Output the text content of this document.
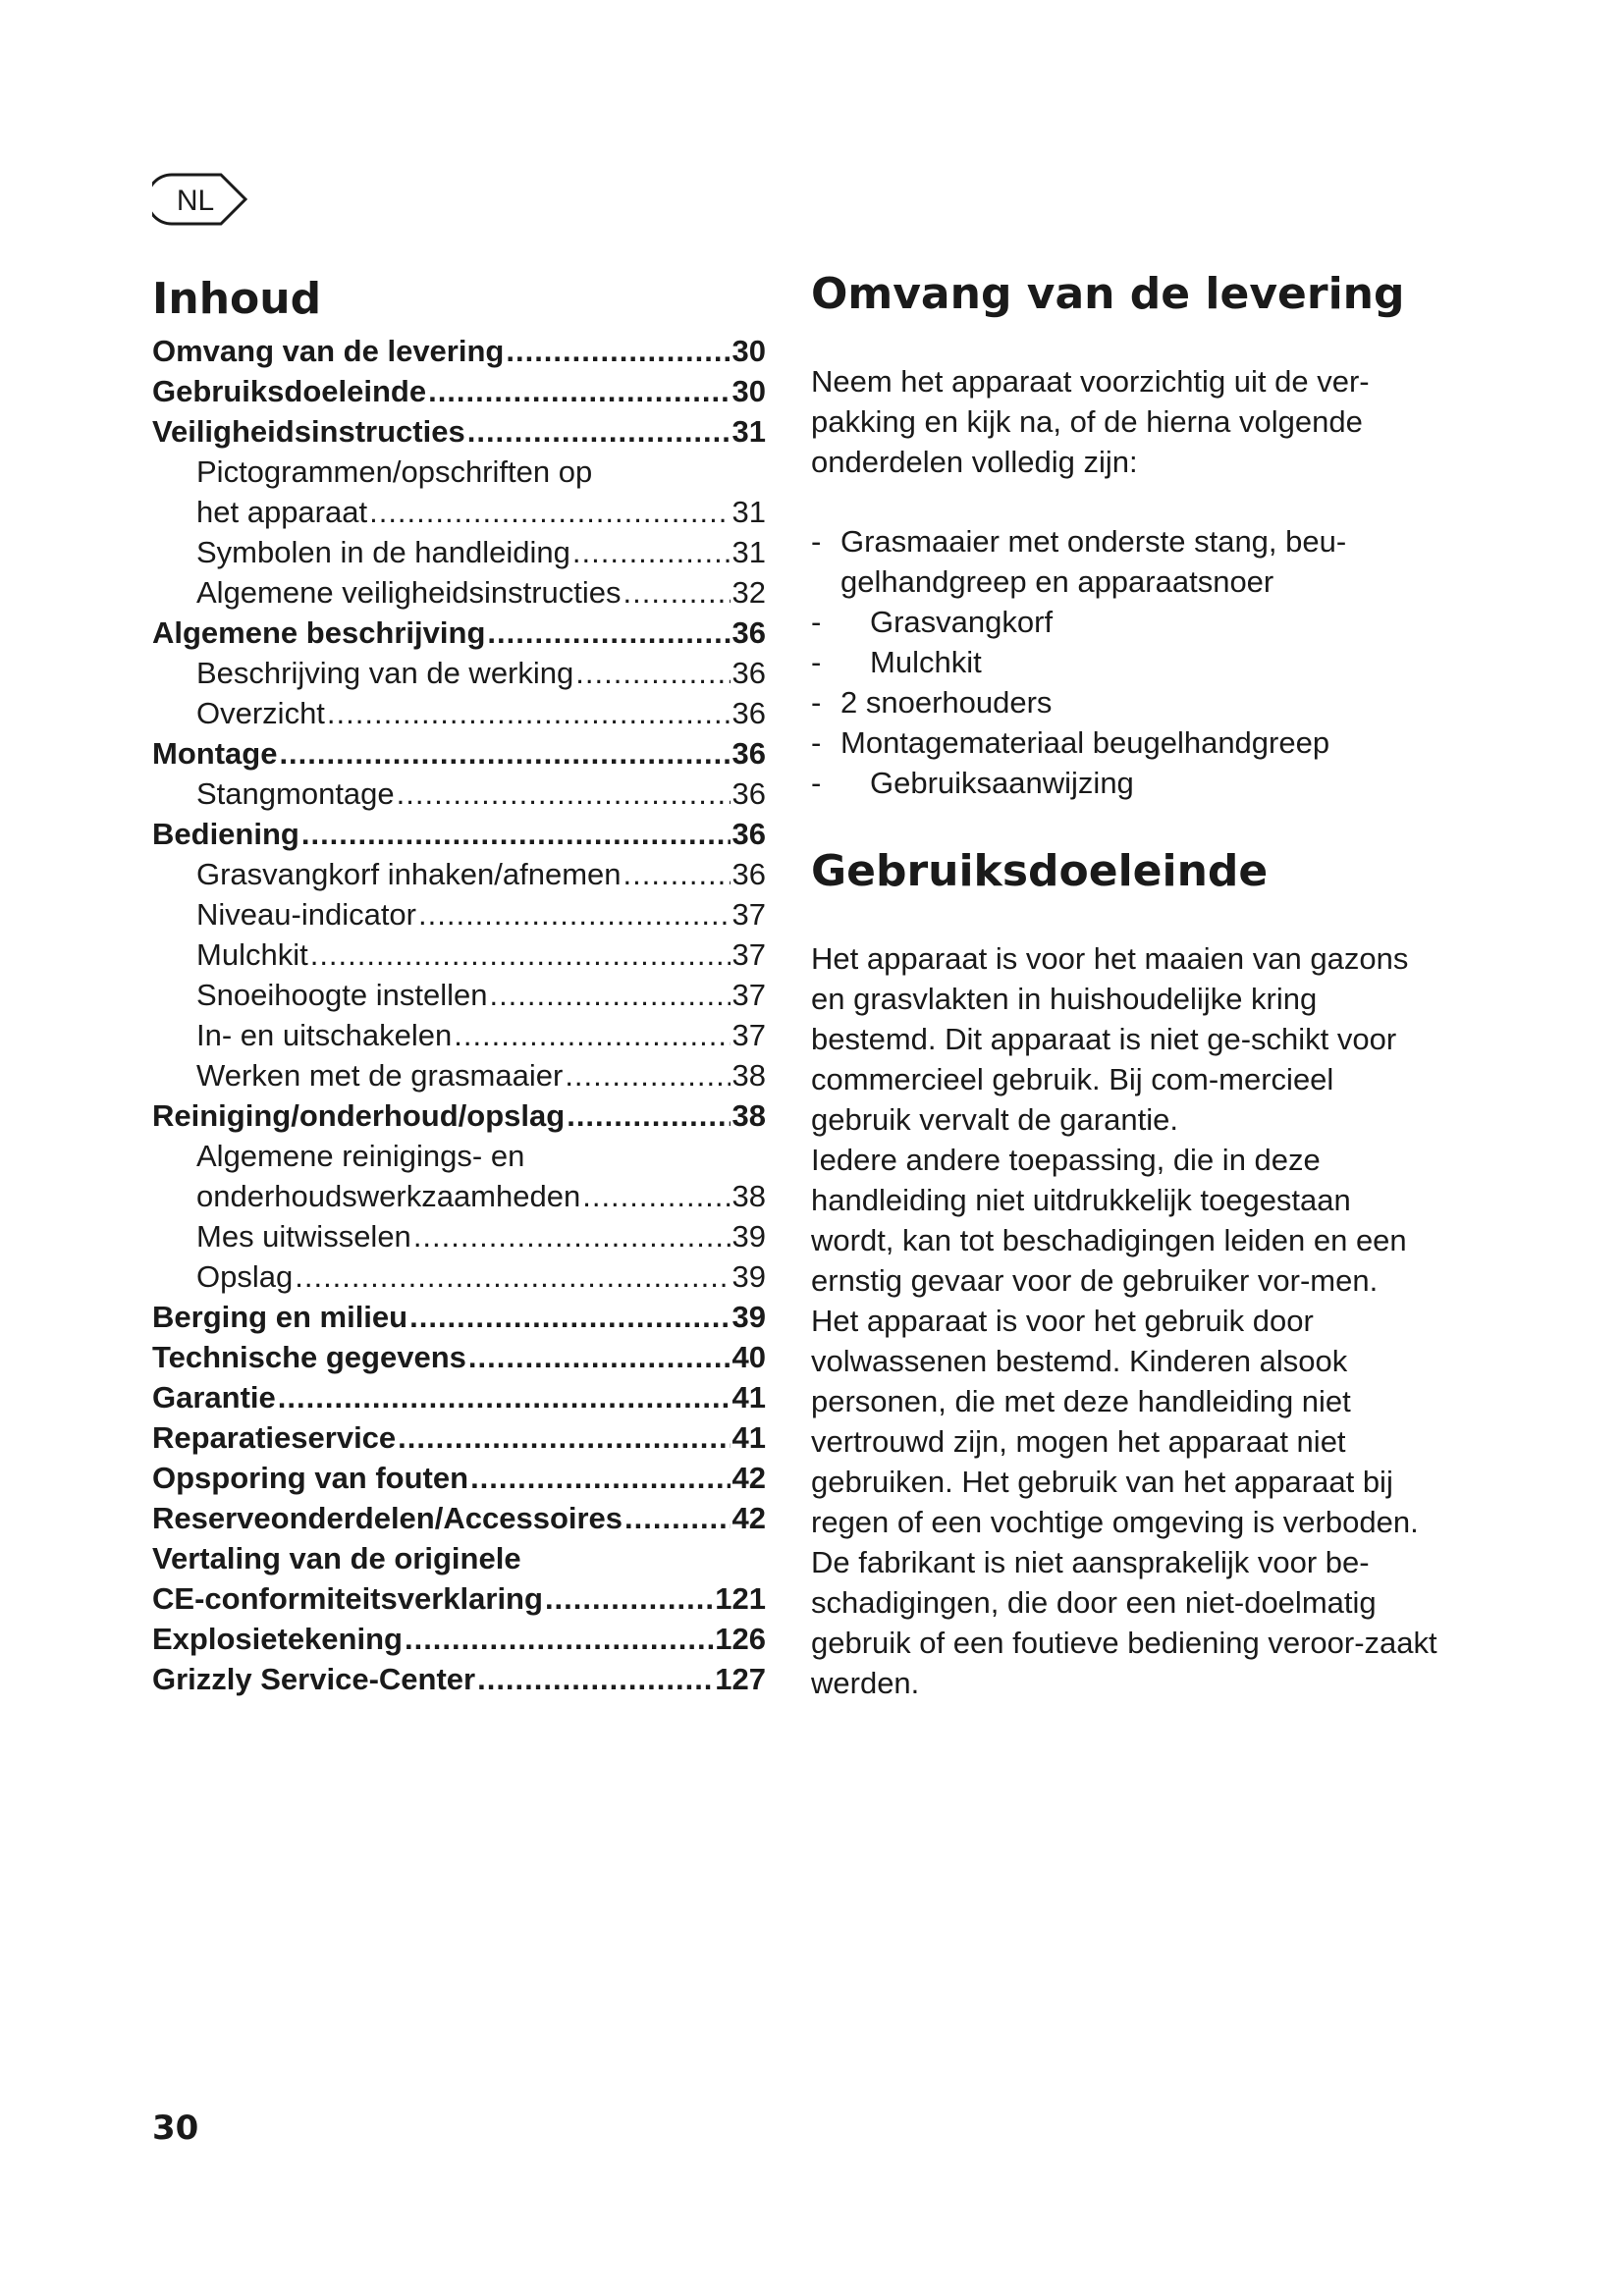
NL
Inhoud
Omvang van de levering .....	30
Gebruiksdoeleinde .....	30
Veiligheidsinstructies .....	31
Pictogrammen/opschriften op
het apparaat .....	31
Symbolen in de handleiding .....	31
Algemene veiligheidsinstructies .....	32
Algemene beschrijving .....	36
Beschrijving van de werking .....	36
Overzicht .....	36
Montage .....	36
Stangmontage .....	36
Bediening .....	36
Grasvangkorf inhaken/afnemen .....	36
Niveau-indicator .....	37
Mulchkit .....	37
Snoeihoogte instellen .....	37
In- en uitschakelen .....	37
Werken met de grasmaaier .....	38
Reiniging/onderhoud/opslag .....	38
Algemene reinigings- en
onderhoudswerkzaamheden .....	38
Mes uitwisselen .....	39
Opslag .....	39
Berging en milieu .....	39
Technische gegevens .....	40
Garantie .....	41
Reparatieservice .....	41
Opsporing van fouten .....	42
Reserveonderdelen/Accessoires .....	42
Vertaling van de originele
CE-conformiteitsverklaring .....	121
Explosietekening .....	126
Grizzly Service-Center .....	127
Omvang van de levering

Neem het apparaat voorzichtig uit de ver-pakking en kijk na, of de hierna volgende onderdelen volledig zijn:

- Grasmaaier met onderste stang, beu-
gelhandgreep en apparaatsnoer
- Grasvangkorf
- Mulchkit
- 2 snoerhouders
- Montagemateriaal beugelhandgreep
- Gebruiksaanwijzing
Gebruiksdoeleinde

Het apparaat is voor het maaien van gazons en grasvlakten in huishoudelijke kring bestemd. Dit apparaat is niet ge-schikt voor commercieel gebruik. Bij com-mercieel gebruik vervalt de garantie.

Iedere andere toepassing, die in deze handleiding niet uitdrukkelijk toegestaan wordt, kan tot beschadigingen leiden en een ernstig gevaar voor de gebruiker vor-men.

Het apparaat is voor het gebruik door volwassenen bestemd. Kinderen alsook personen, die met deze handleiding niet vertrouwd zijn, mogen het apparaat niet gebruiken. Het gebruik van het apparaat bij regen of een vochtige omgeving is verboden.

De fabrikant is niet aansprakelijk voor be-schadigingen, die door een niet-doelmatig gebruik of een foutieve bediening veroor-zaakt werden.

30
